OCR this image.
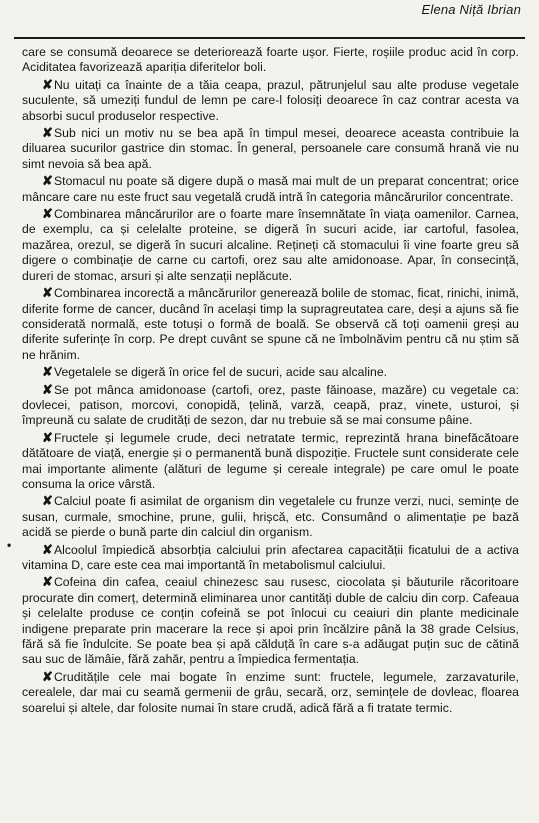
Elena Niță Ibrian
•

care se consumă deoarece se deteriorează foarte ușor. Fierte, roșiile produc acid în corp. Aciditatea favorizează apariția diferitelor boli.

✘Nu uitați ca înainte de a tăia ceapa, prazul, pătrunjelul sau alte produse vegetale suculente, să umeziți fundul de lemn pe care-l folosiți deoarece în caz contrar acesta va absorbi sucul produselor respective.

✘Sub nici un motiv nu se bea apă în timpul mesei, deoarece aceasta contribuie la diluarea sucurilor gastrice din stomac. În general, persoanele care consumă hrană vie nu simt nevoia să bea apă.

✘Stomacul nu poate să digere după o masă mai mult de un preparat concentrat; orice mâncare care nu este fruct sau vegetală crudă intră în categoria mâncărurilor concentrate.

✘Combinarea mâncărurilor are o foarte mare însemnătate în viața oamenilor. Carnea, de exemplu, ca și celelalte proteine, se digeră în sucuri acide, iar cartoful, fasolea, mazărea, orezul, se digeră în sucuri alcaline. Rețineți că stomacului îi vine foarte greu să digere o combinație de carne cu cartofi, orez sau alte amidonoase. Apar, în consecință, dureri de stomac, arsuri și alte senzații neplăcute.

✘Combinarea incorectă a mâncărurilor generează bolile de stomac, ficat, rinichi, inimă, diferite forme de cancer, ducând în același timp la supragreutatea care, deși a ajuns să fie considerată normală, este totuși o formă de boală. Se observă că toți oamenii greși au diferite suferințe în corp. Pe drept cuvânt se spune că ne îmbolnăvim pentru că nu știm să ne hrănim.

✘Vegetalele se digeră în orice fel de sucuri, acide sau alcaline.

✘Se pot mânca amidonoase (cartofi, orez, paste făinoase, mazăre) cu vegetale ca: dovlecei, patison, morcovi, conopidă, țelină, varză, ceapă, praz, vinete, usturoi, și împreună cu salate de crudități de sezon, dar nu trebuie să se mai consume pâine.

✘Fructele și legumele crude, deci netratate termic, reprezintă hrana binefăcătoare dătătoare de viață, energie și o permanentă bună dispoziție. Fructele sunt considerate cele mai importante alimente (alături de legume și cereale integrale) pe care omul le poate consuma la orice vârstă.

✘Calciul poate fi asimilat de organism din vegetalele cu frunze verzi, nuci, semințe de susan, curmale, smochine, prune, gulii, hrișcă, etc. Consumând o alimentație pe bază acidă se pierde o bună parte din calciul din organism.

✘Alcoolul împiedică absorbția calciului prin afectarea capacității ficatului de a activa vitamina D, care este cea mai importantă în metabolismul calciului.

✘Cofeina din cafea, ceaiul chinezesc sau rusesc, ciocolata și băuturile răcoritoare procurate din comerț, determină eliminarea unor cantități duble de calciu din corp. Cafeaua și celelalte produse ce conțin cofeină se pot înlocui cu ceaiuri din plante medicinale indigene preparate prin macerare la rece și apoi prin încălzire până la 38 grade Celsius, fără să fie îndulcite. Se poate bea și apă călduță în care s-a adăugat puțin suc de cătină sau suc de lămâie, fără zahăr, pentru a împiedica fermentația.

✘Cruditățile cele mai bogate în enzime sunt: fructele, legumele, zarzavaturile, cerealele, dar mai cu seamă germenii de grâu, secară, orz, semințele de dovleac, floarea soarelui și altele, dar folosite numai în stare crudă, adică fără a fi tratate termic.
